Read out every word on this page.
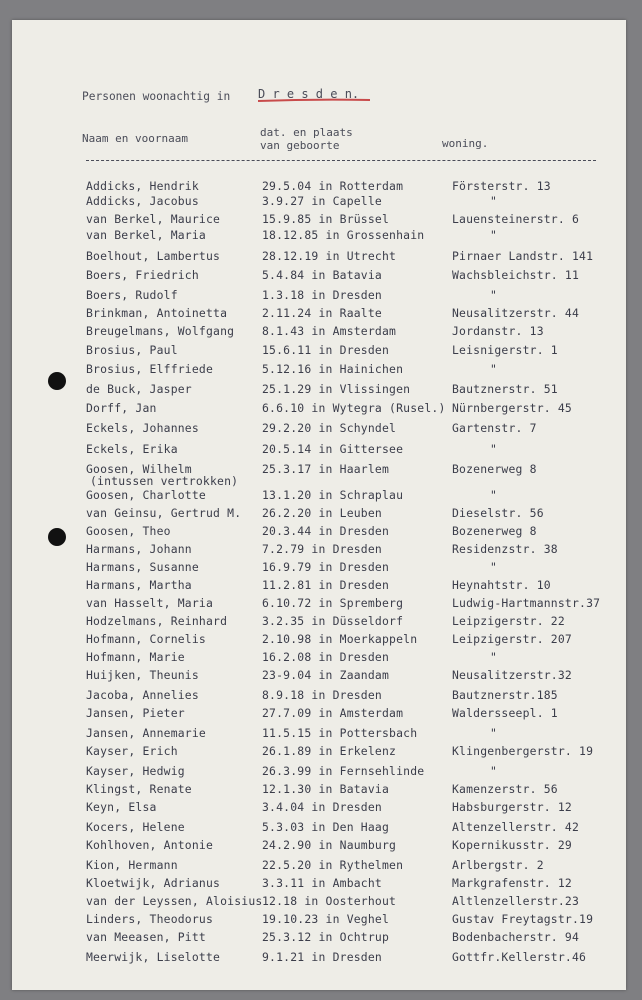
Personen woonachtig in D r e s d e n.
Naam en voornaam	dat. en plaats
van geboorte	woning.
Addicks, Hendrik	29.5.04 in Rotterdam	Försterstr. 13
Addicks, Jacobus	3.9.27 in Capelle	"
van Berkel, Maurice	15.9.85 in Brüssel	Lauensteinerstr. 6
van Berkel, Maria	18.12.85 in Grossenhain	"
Boelhout, Lambertus	28.12.19 in Utrecht	Pirnaer Landstr. 141
Boers, Friedrich	5.4.84 in Batavia	Wachsbleichstr. 11
Boers, Rudolf	1.3.18 in Dresden	"
Brinkman, Antoinetta	2.11.24 in Raalte	Neusalitzerstr. 44
Breugelmans, Wolfgang 8.1.43 in Amsterdam	Jordanstr. 13
Brosius, Paul	15.6.11 in Dresden	Leisnigerstr. 1
Brosius, Elffriede	5.12.16 in Hainichen	"
de Buck, Jasper	25.1.29 in Vlissingen	Bautznerstr. 51
Dorff, Jan	6.6.10 in Wytegra (Rusel.) Nürnbergerstr. 45
Eckels, Johannes	29.2.20 in Schyndel	Gartenstr. 7
Eckels, Erika	20.5.14 in Gittersee	"
Goosen, Wilhelm	25.3.17 in Haarlem	Bozenerweg 8
(intussen vertrokken)
Goosen, Charlotte	13.1.20 in Schraplau	"
van Geinsu, Gertrud M. 26.2.20 in Leuben	Dieselstr. 56
Goosen, Theo	20.3.44 in Dresden	Bozenerweg 8
Harmans, Johann	7.2.79 in Dresden	Residenzstr. 38
Harmans, Susanne	16.9.79 in Dresden	"
Harmans, Martha	11.2.81 in Dresden	Heynahtstr. 10
van Hasselt, Maria	6.10.72 in Spremberg	Ludwig-Hartmannstr.37
Hodzelmans, Reinhard	3.2.35 in Düsseldorf	Leipzigerstr. 22
Hofmann, Cornelis	2.10.98 in Moerkappeln	Leipzigerstr. 207
Hofmann, Marie	16.2.08 in Dresden	"
Huijken, Theunis	23-9.04 in Zaandam	Neusalitzerstr.32
Jacoba, Annelies	8.9.18 in Dresden	Bautznerstr.185
Jansen, Pieter	27.7.09 in Amsterdam	Waldersseepl. 1
Jansen, Annemarie	11.5.15 in Pottersbach	"
Kayser, Erich	26.1.89 in Erkelenz	Klingenbergerstr. 19
Kayser, Hedwig	26.3.99 in Fernsehlinde	"
Klingst, Renate	12.1.30 in Batavia	Kamenzerstr. 56
Keyn, Elsa	3.4.04 in Dresden	Habsburgerstr. 12
Kocers, Helene	5.3.03 in Den Haag	Altenzellerstr. 42
Kohlhoven, Antonie	24.2.90 in Naumburg	Kopernikusstr. 29
Kion, Hermann	22.5.20 in Rythelmen	Arlbergstr. 2
Kloetwijk, Adrianus	3.3.11 in Ambacht	Markgrafenstr. 12
van der Leyssen, Aloisius 12.18 in Oosterhout	Altlenzellerstr.23
Linders, Theodorus	19.10.23 in Veghel	Gustav Freytagstr.19
van Meeasen, Pitt	25.3.12 in Ochtrup	Bodenbacherstr. 94
Meerwijk, Liselotte	9.1.21 in Dresden	Gottfr.Kellerstr.46
